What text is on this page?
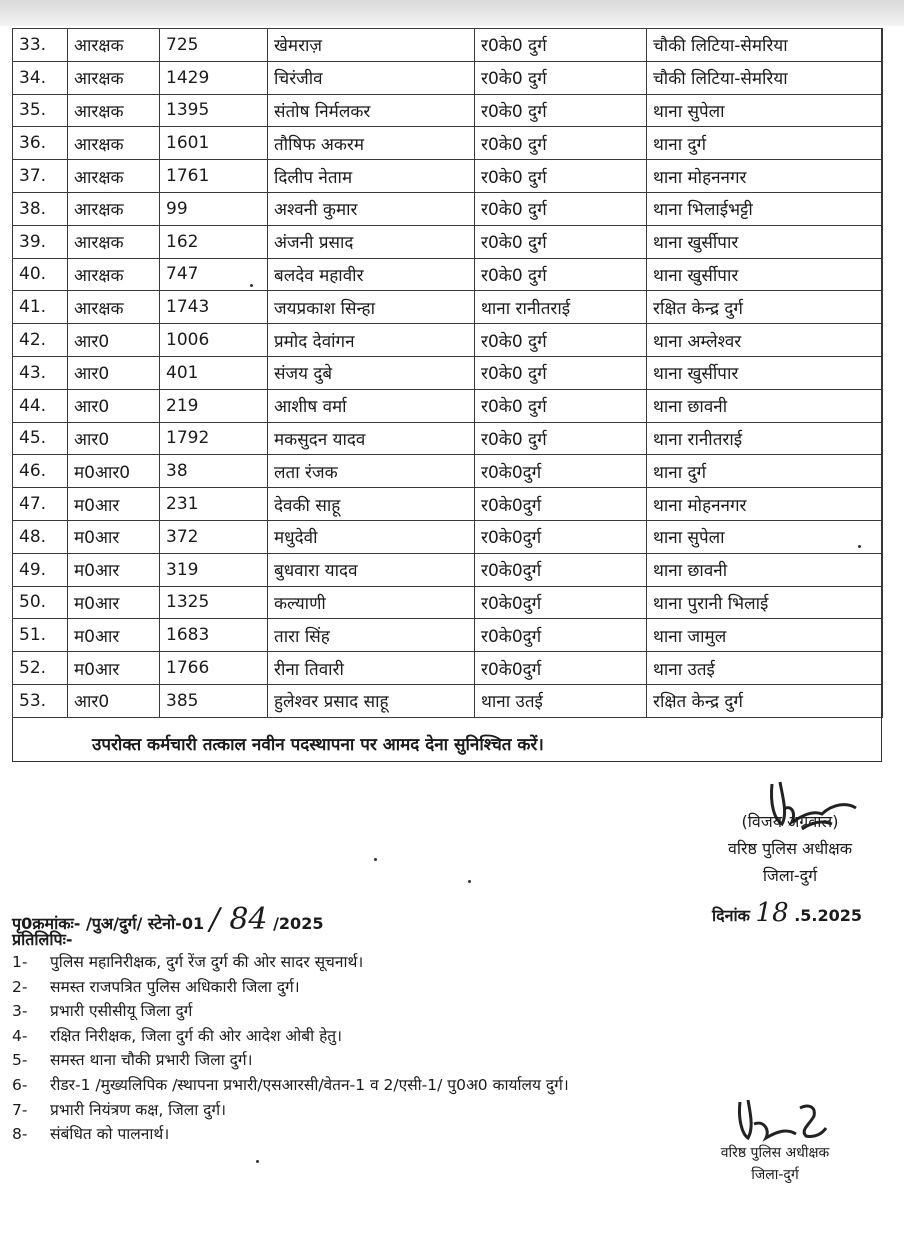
33.	आरक्षक	725	खेमराज़	र0के0 दुर्ग	चौकी लिटिया-सेमरिया
34.	आरक्षक	1429	चिरंजीव	र0के0 दुर्ग	चौकी लिटिया-सेमरिया
35.	आरक्षक	1395	संतोष निर्मलकर	र0के0 दुर्ग	थाना सुपेला
36.	आरक्षक	1601	तौषिफ अकरम	र0के0 दुर्ग	थाना दुर्ग
37.	आरक्षक	1761	दिलीप नेताम	र0के0 दुर्ग	थाना मोहननगर
38.	आरक्षक	99	अश्वनी कुमार	र0के0 दुर्ग	थाना भिलाईभट्टी
39.	आरक्षक	162	अंजनी प्रसाद	र0के0 दुर्ग	थाना खुर्सीपार
40.	आरक्षक	747	बलदेव महावीर	र0के0 दुर्ग	थाना खुर्सीपार
41.	आरक्षक	1743	जयप्रकाश सिन्हा	थाना रानीतराई	रक्षित केन्द्र दुर्ग
42.	आर0	1006	प्रमोद देवांगन	र0के0 दुर्ग	थाना अम्लेश्वर
43.	आर0	401	संजय दुबे	र0के0 दुर्ग	थाना खुर्सीपार
44.	आर0	219	आशीष वर्मा	र0के0 दुर्ग	थाना छावनी
45.	आर0	1792	मकसुदन यादव	र0के0 दुर्ग	थाना रानीतराई
46.	म0आर0	38	लता रंजक	र0के0दुर्ग	थाना दुर्ग
47.	म0आर	231	देवकी साहू	र0के0दुर्ग	थाना मोहननगर
48.	म0आर	372	मधुदेवी	र0के0दुर्ग	थाना सुपेला
49.	म0आर	319	बुधवारा यादव	र0के0दुर्ग	थाना छावनी
50.	म0आर	1325	कल्याणी	र0के0दुर्ग	थाना पुरानी भिलाई
51.	म0आर	1683	तारा सिंह	र0के0दुर्ग	थाना जामुल
52.	म0आर	1766	रीना तिवारी	र0के0दुर्ग	थाना उतई
53.	आर0	385	हुलेश्वर प्रसाद साहू	थाना उतई	रक्षित केन्द्र दुर्ग
उपरोक्त कर्मचारी तत्काल नवीन पदस्थापना पर आमद देना सुनिश्चित करें।
(विजय अग्रवाल)
वरिष्ठ पुलिस अधीक्षक
जिला-दुर्ग
पृ0क्रमांकः- /पुअ/दुर्ग/ स्टेनो-01 / 84 /2025	दिनांक 18 .5.2025
प्रतिलिपिः-
1- पुलिस महानिरीक्षक, दुर्ग रेंज दुर्ग की ओर सादर सूचनार्थ।
2- समस्त राजपत्रित पुलिस अधिकारी जिला दुर्ग।
3- प्रभारी एसीसीयू जिला दुर्ग
4- रक्षित निरीक्षक, जिला दुर्ग की ओर आदेश ओबी हेतु।
5- समस्त थाना चौकी प्रभारी जिला दुर्ग।
6- रीडर-1 /मुख्यलिपिक /स्थापना प्रभारी/एसआरसी/वेतन-1 व 2/एसी-1/ पु0अ0 कार्यालय दुर्ग।
7- प्रभारी नियंत्रण कक्ष, जिला दुर्ग।
8- संबंधित को पालनार्थ।
वरिष्ठ पुलिस अधीक्षक
जिला-दुर्ग
